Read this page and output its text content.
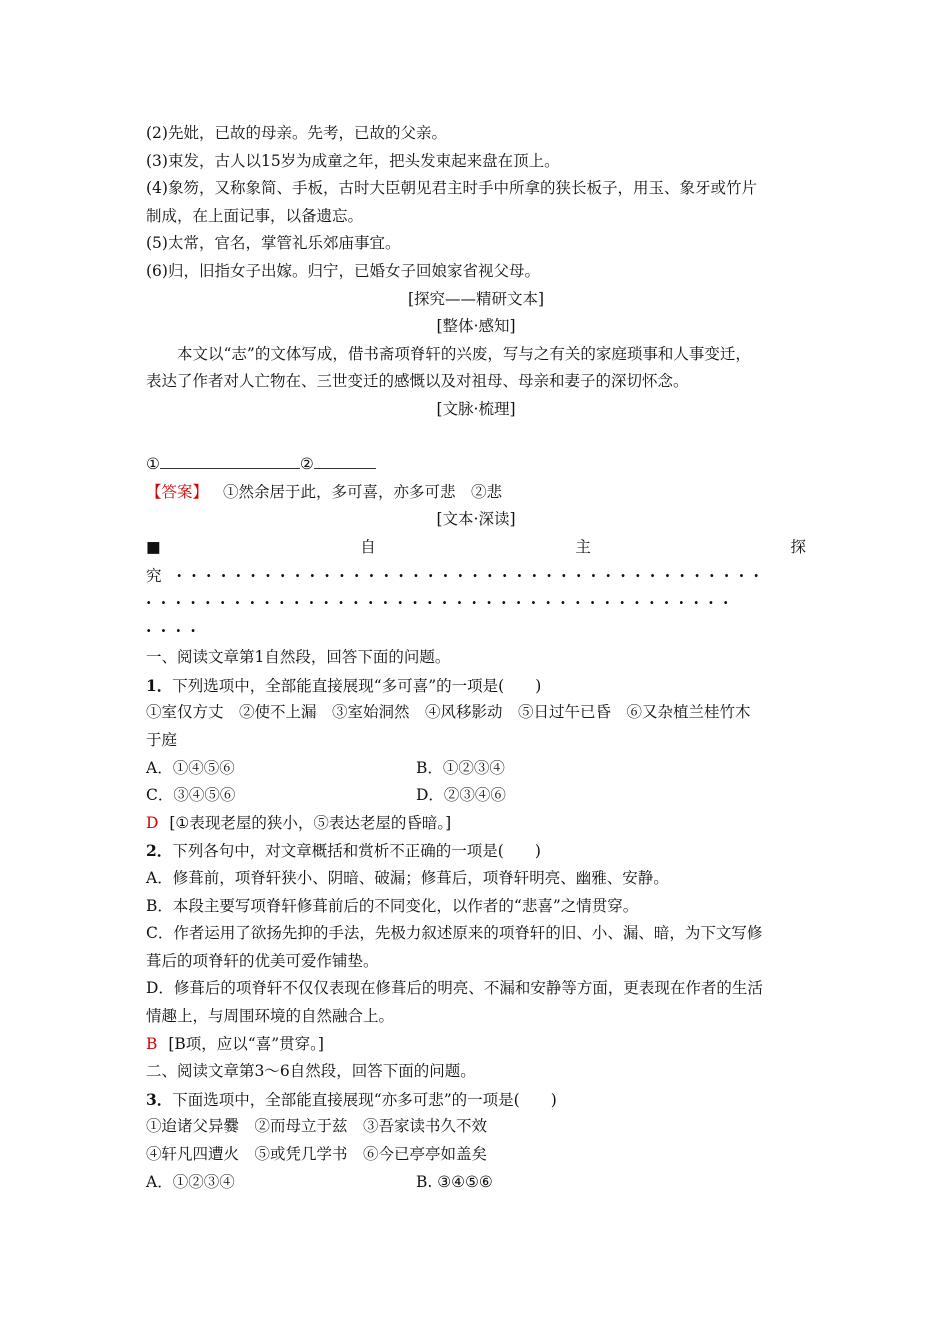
(2)先妣，已故的母亲。先考，已故的父亲。
(3)束发，古人以15岁为成童之年，把头发束起来盘在顶上。
(4)象笏，又称象简、手板，古时大臣朝见君主时手中所拿的狭长板子，用玉、象牙或竹片
制成，在上面记事，以备遗忘。
(5)太常，官名，掌管礼乐郊庙事宜。
(6)归，旧指女子出嫁。归宁，已婚女子回娘家省视父母。
[探究——精研文本]
[整体·感知]
本文以“志”的文体写成，借书斋项脊轩的兴废，写与之有关的家庭琐事和人事变迁，
表达了作者对人亡物在、三世变迁的感慨以及对祖母、母亲和妻子的深切怀念。
[文脉·梳理]
①	②
【答案】 ①然余居于此，多可喜，亦多可悲　②悲
[文本·深读]
■	自	主	探
究 ········································
········································
····
一、阅读文章第1自然段，回答下面的问题。
1．下列选项中，全部能直接展现“多可喜”的一项是(　　)
①室仅方丈　②使不上漏　③室始洞然　④风移影动　⑤日过午已昏　⑥又杂植兰桂竹木
于庭
A．①④⑤⑥	B．①②③④
C．③④⑤⑥	D．②③④⑥
D [①表现老屋的狭小，⑤表达老屋的昏暗。]
2．下列各句中，对文章概括和赏析不正确的一项是(　　)
A．修葺前，项脊轩狭小、阴暗、破漏；修葺后，项脊轩明亮、幽雅、安静。
B．本段主要写项脊轩修葺前后的不同变化，以作者的“悲喜”之情贯穿。
C．作者运用了欲扬先抑的手法，先极力叙述原来的项脊轩的旧、小、漏、暗，为下文写修
葺后的项脊轩的优美可爱作铺垫。
D．修葺后的项脊轩不仅仅表现在修葺后的明亮、不漏和安静等方面，更表现在作者的生活
情趣上，与周围环境的自然融合上。
B [B项，应以“喜”贯穿。]
二、阅读文章第3～6自然段，回答下面的问题。
3．下面选项中，全部能直接展现“亦多可悲”的一项是(　　)
①迨诸父异爨　②而母立于兹　③吾家读书久不效
④轩凡四遭火　⑤或凭几学书　⑥今已亭亭如盖矣
A．①②③④	B. ③④⑤⑥
